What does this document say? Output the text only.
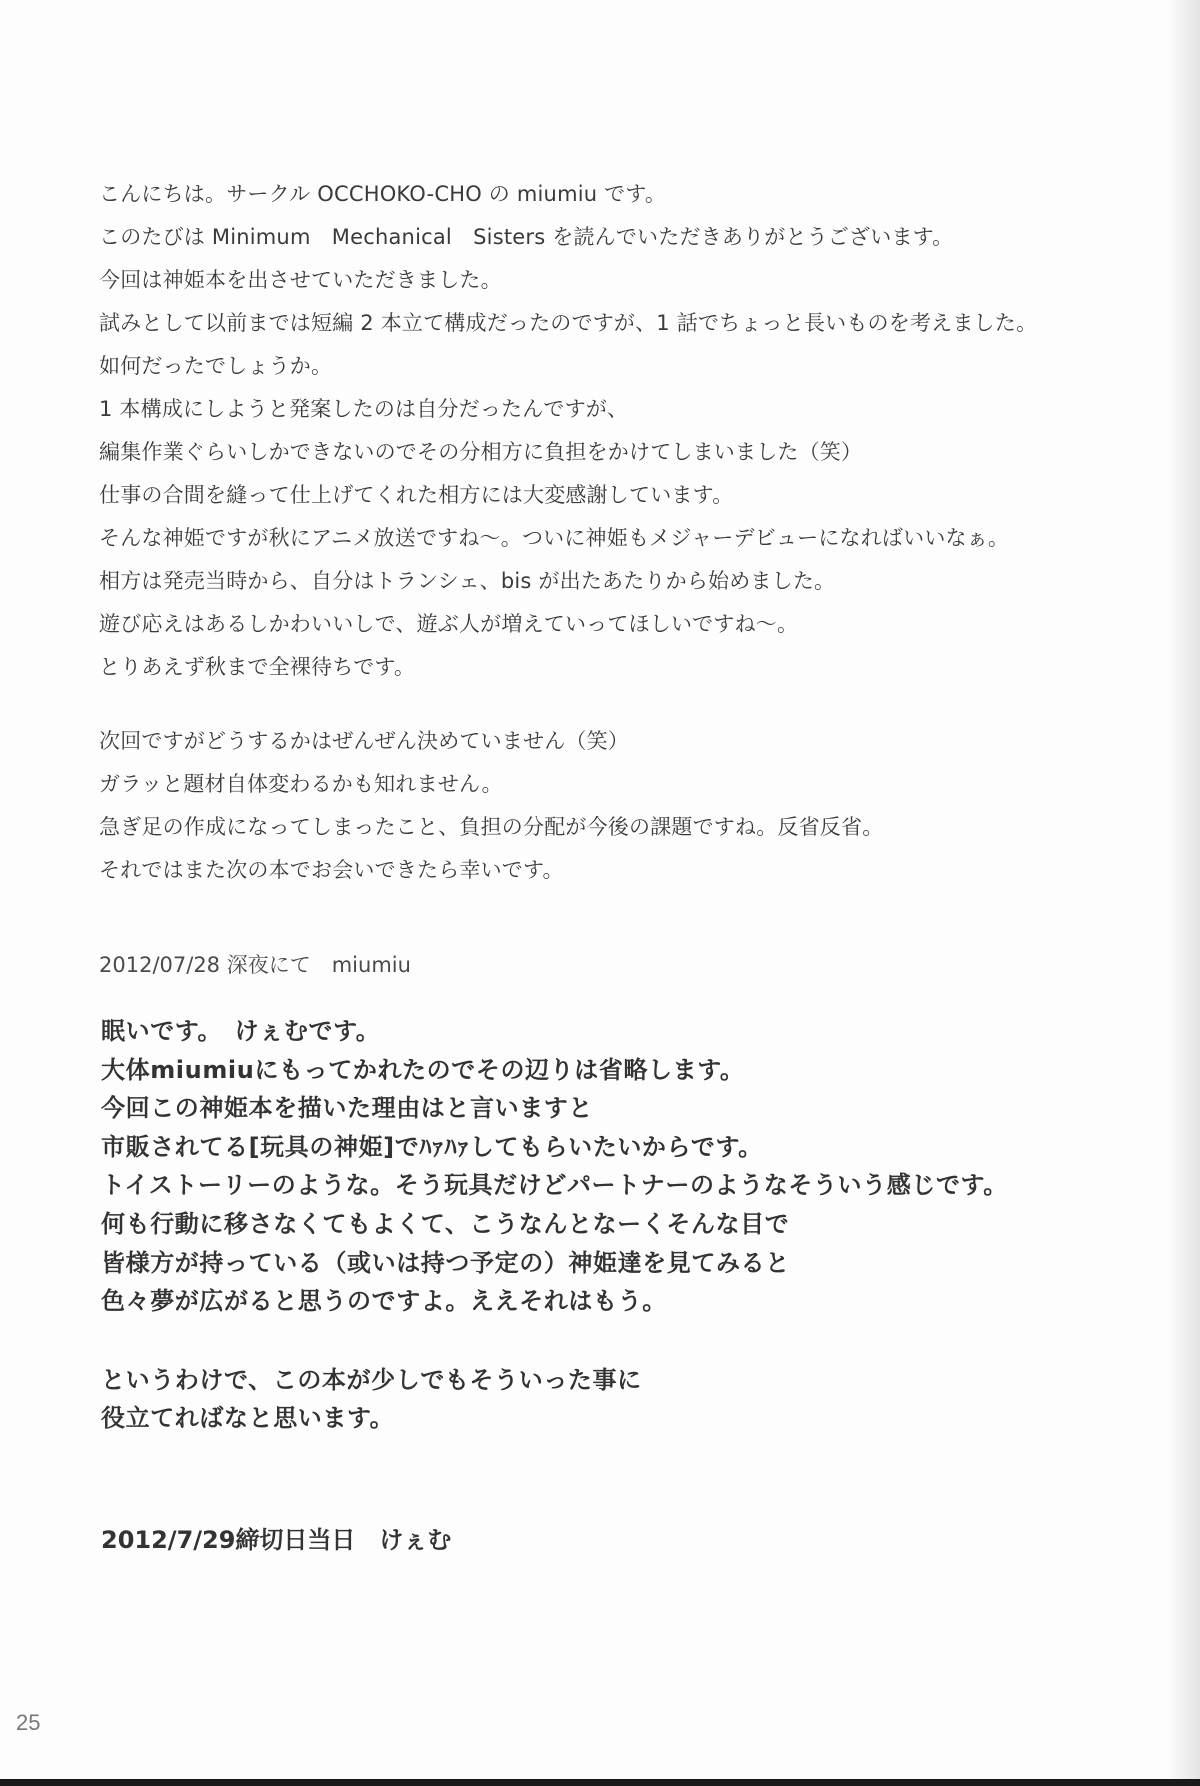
こんにちは。サークル OCCHOKO-CHO の miumiu です。
このたびは Minimum　Mechanical　Sisters を読んでいただきありがとうございます。
今回は神姫本を出させていただきました。
試みとして以前までは短編 2 本立て構成だったのですが、1 話でちょっと長いものを考えました。
如何だったでしょうか。
1 本構成にしようと発案したのは自分だったんですが、
編集作業ぐらいしかできないのでその分相方に負担をかけてしまいました（笑）
仕事の合間を縫って仕上げてくれた相方には大変感謝しています。
そんな神姫ですが秋にアニメ放送ですね～。ついに神姫もメジャーデビューになればいいなぁ。
相方は発売当時から、自分はトランシェ、bis が出たあたりから始めました。
遊び応えはあるしかわいいしで、遊ぶ人が増えていってほしいですね～。
とりあえず秋まで全裸待ちです。
次回ですがどうするかはぜんぜん決めていません（笑）
ガラッと題材自体変わるかも知れません。
急ぎ足の作成になってしまったこと、負担の分配が今後の課題ですね。反省反省。
それではまた次の本でお会いできたら幸いです。
2012/07/28 深夜にて　miumiu
眠いです。　けぇむです。
大体miumiuにもってかれたのでその辺りは省略します。
今回この神姫本を描いた理由はと言いますと
市販されてる[玩具の神姫]でﾊｧﾊｧしてもらいたいからです。
トイストーリーのような。そう玩具だけどパートナーのようなそういう感じです。
何も行動に移さなくてもよくて、こうなんとなーくそんな目で
皆様方が持っている（或いは持つ予定の）神姫達を見てみると
色々夢が広がると思うのですよ。ええそれはもう。
というわけで、この本が少しでもそういった事に
役立てればなと思います。
2012/7/29締切日当日　けぇむ
25
